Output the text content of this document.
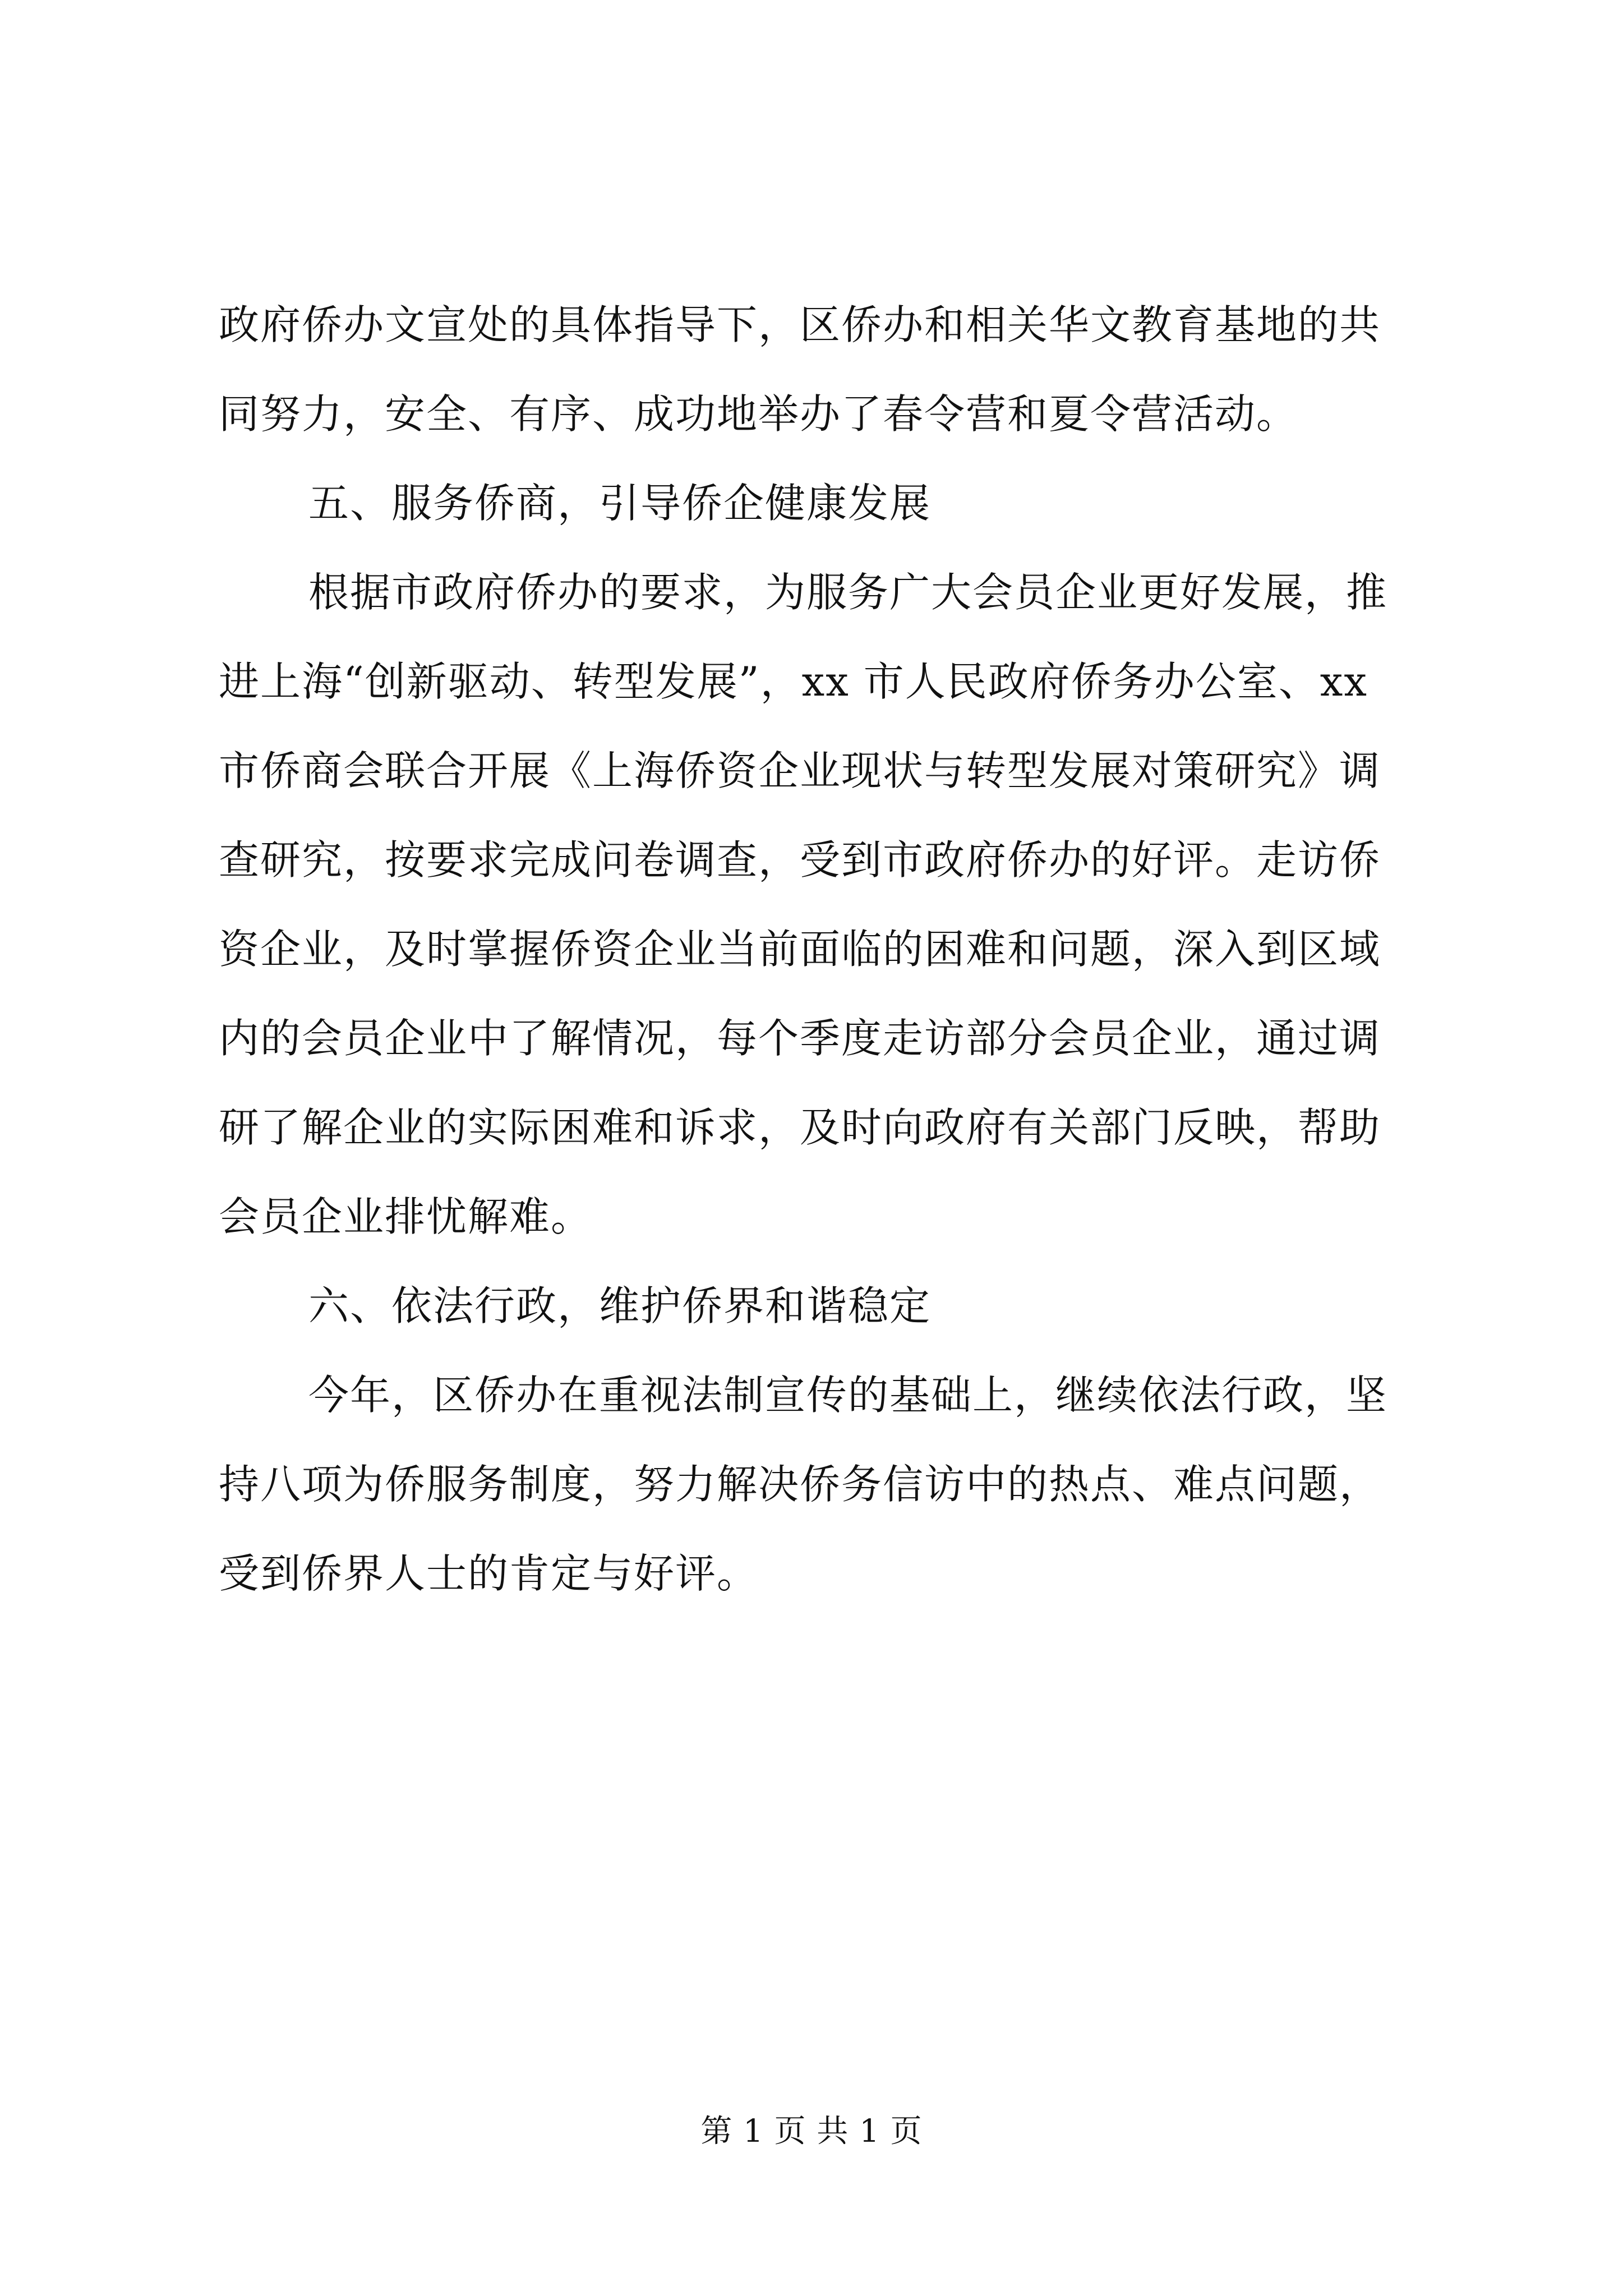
政府侨办文宣处的具体指导下，区侨办和相关华文教育基地的共
同努力，安全、有序、成功地举办了春令营和夏令营活动。
五、服务侨商，引导侨企健康发展
根据市政府侨办的要求，为服务广大会员企业更好发展，推
进上海“创新驱动、转型发展”，xx 市人民政府侨务办公室、xx
市侨商会联合开展《上海侨资企业现状与转型发展对策研究》调
查研究，按要求完成问卷调查，受到市政府侨办的好评。走访侨
资企业，及时掌握侨资企业当前面临的困难和问题，深入到区域
内的会员企业中了解情况，每个季度走访部分会员企业，通过调
研了解企业的实际困难和诉求，及时向政府有关部门反映，帮助
会员企业排忧解难。
六、依法行政，维护侨界和谐稳定
今年，区侨办在重视法制宣传的基础上，继续依法行政，坚
持八项为侨服务制度，努力解决侨务信访中的热点、难点问题，
受到侨界人士的肯定与好评。
第 1 页 共 1 页
